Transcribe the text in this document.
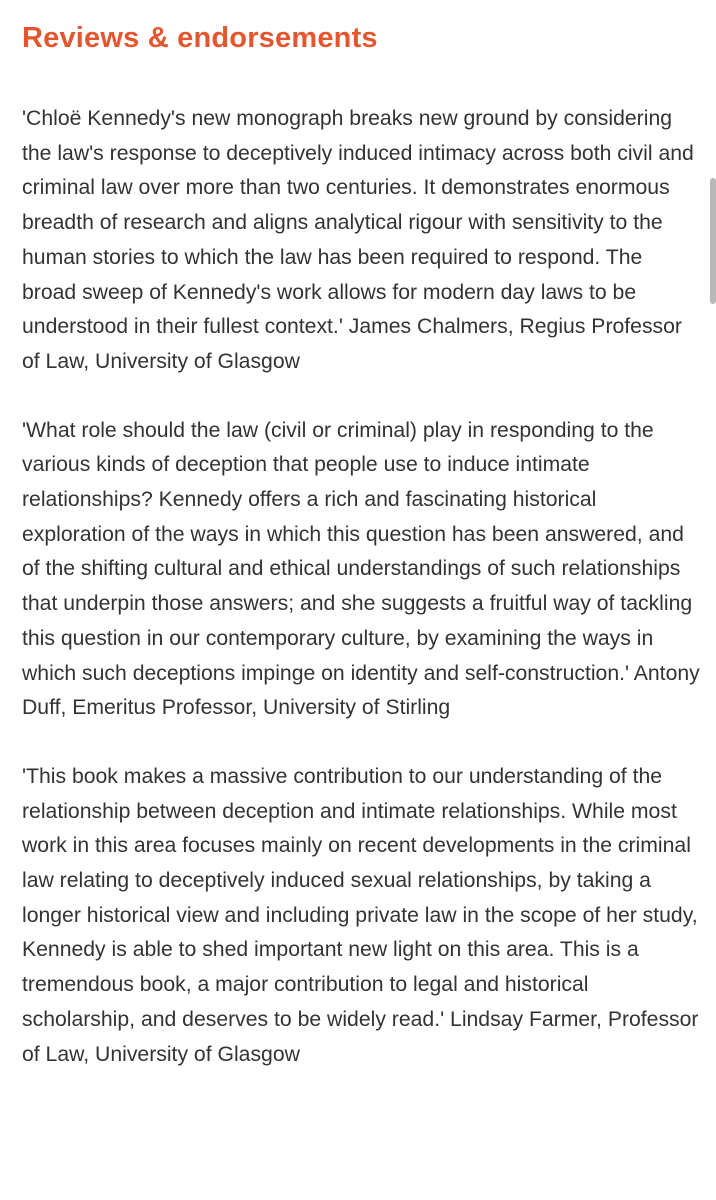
Reviews & endorsements

'Chloë Kennedy's new monograph breaks new ground by considering the law's response to deceptively induced intimacy across both civil and criminal law over more than two centuries. It demonstrates enormous breadth of research and aligns analytical rigour with sensitivity to the human stories to which the law has been required to respond. The broad sweep of Kennedy's work allows for modern day laws to be understood in their fullest context.' James Chalmers, Regius Professor of Law, University of Glasgow

'What role should the law (civil or criminal) play in responding to the various kinds of deception that people use to induce intimate relationships? Kennedy offers a rich and fascinating historical exploration of the ways in which this question has been answered, and of the shifting cultural and ethical understandings of such relationships that underpin those answers; and she suggests a fruitful way of tackling this question in our contemporary culture, by examining the ways in which such deceptions impinge on identity and self-construction.' Antony Duff, Emeritus Professor, University of Stirling

'This book makes a massive contribution to our understanding of the relationship between deception and intimate relationships. While most work in this area focuses mainly on recent developments in the criminal law relating to deceptively induced sexual relationships, by taking a longer historical view and including private law in the scope of her study, Kennedy is able to shed important new light on this area. This is a tremendous book, a major contribution to legal and historical scholarship, and deserves to be widely read.' Lindsay Farmer, Professor of Law, University of Glasgow
